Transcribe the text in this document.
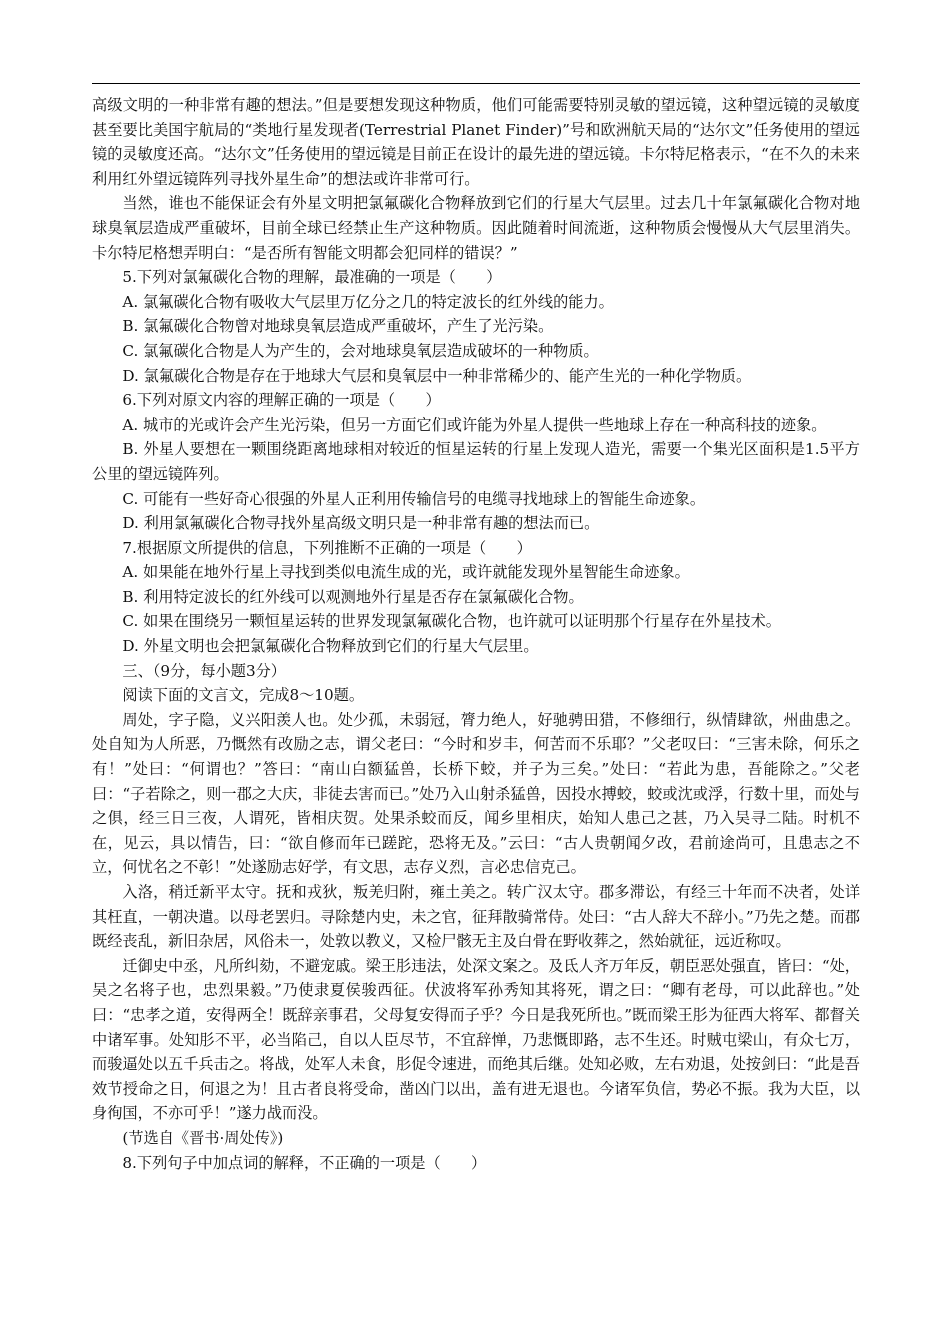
高级文明的一种非常有趣的想法。”但是要想发现这种物质，他们可能需要特别灵敏的望远镜，这种望远镜的灵敏度甚至要比美国宇航局的“类地行星发现者(Terrestrial Planet Finder)”号和欧洲航天局的“达尔文”任务使用的望远镜的灵敏度还高。“达尔文”任务使用的望远镜是目前正在设计的最先进的望远镜。卡尔特尼格表示，“在不久的未来利用红外望远镜阵列寻找外星生命”的想法或许非常可行。

当然，谁也不能保证会有外星文明把氯氟碳化合物释放到它们的行星大气层里。过去几十年氯氟碳化合物对地球臭氧层造成严重破坏，目前全球已经禁止生产这种物质。因此随着时间流逝，这种物质会慢慢从大气层里消失。卡尔特尼格想弄明白：“是否所有智能文明都会犯同样的错误？”

5.下列对氯氟碳化合物的理解，最准确的一项是（　　）

A. 氯氟碳化合物有吸收大气层里万亿分之几的特定波长的红外线的能力。

B. 氯氟碳化合物曾对地球臭氧层造成严重破坏，产生了光污染。

C. 氯氟碳化合物是人为产生的，会对地球臭氧层造成破坏的一种物质。

D. 氯氟碳化合物是存在于地球大气层和臭氧层中一种非常稀少的、能产生光的一种化学物质。

6.下列对原文内容的理解正确的一项是（　　）

A. 城市的光或许会产生光污染，但另一方面它们或许能为外星人提供一些地球上存在一种高科技的迹象。

B. 外星人要想在一颗围绕距离地球相对较近的恒星运转的行星上发现人造光，需要一个集光区面积是1.5平方公里的望远镜阵列。

C. 可能有一些好奇心很强的外星人正利用传输信号的电缆寻找地球上的智能生命迹象。

D. 利用氯氟碳化合物寻找外星高级文明只是一种非常有趣的想法而已。

7.根据原文所提供的信息，下列推断不正确的一项是（　　）

A. 如果能在地外行星上寻找到类似电流生成的光，或许就能发现外星智能生命迹象。

B. 利用特定波长的红外线可以观测地外行星是否存在氯氟碳化合物。

C. 如果在围绕另一颗恒星运转的世界发现氯氟碳化合物，也许就可以证明那个行星存在外星技术。

D. 外星文明也会把氯氟碳化合物释放到它们的行星大气层里。

三、（9分，每小题3分）

阅读下面的文言文，完成8～10题。

周处，字子隐，义兴阳羡人也。处少孤，未弱冠，膂力绝人，好驰骋田猎，不修细行，纵情肆欲，州曲患之。处自知为人所恶，乃慨然有改励之志，谓父老曰：“今时和岁丰，何苦而不乐耶？”父老叹曰：“三害未除，何乐之有！”处曰：“何谓也？”答曰：“南山白额猛兽，长桥下蛟，并子为三矣。”处曰：“若此为患，吾能除之。”父老曰：“子若除之，则一郡之大庆，非徒去害而已。”处乃入山射杀猛兽，因投水搏蛟，蛟或沈或浮，行数十里，而处与之俱，经三日三夜，人谓死，皆相庆贺。处果杀蛟而反，闻乡里相庆，始知人患己之甚，乃入吴寻二陆。时机不在，见云，具以情告，曰：“欲自修而年已蹉跎，恐将无及。”云曰：“古人贵朝闻夕改，君前途尚可，且患志之不立，何忧名之不彰！”处遂励志好学，有文思，志存义烈，言必忠信克己。

入洛，稍迁新平太守。抚和戎狄，叛羌归附，雍土美之。转广汉太守。郡多滞讼，有经三十年而不决者，处详其枉直，一朝决遣。以母老罢归。寻除楚内史，未之官，征拜散骑常侍。处曰：“古人辞大不辞小。”乃先之楚。而郡既经丧乱，新旧杂居，风俗未一，处敦以教义，又检尸骸无主及白骨在野收葬之，然始就征，远近称叹。

迁御史中丞，凡所纠劾，不避宠戚。梁王肜违法，处深文案之。及氐人齐万年反，朝臣恶处强直，皆曰：“处，吴之名将子也，忠烈果毅。”乃使隶夏侯骏西征。伏波将军孙秀知其将死，谓之曰：“卿有老母，可以此辞也。”处曰：“忠孝之道，安得两全！既辞亲事君，父母复安得而子乎？今日是我死所也。”既而梁王肜为征西大将军、都督关中诸军事。处知肜不平，必当陷己，自以人臣尽节，不宜辞惮，乃悲慨即路，志不生还。时贼屯梁山，有众七万，而骏逼处以五千兵击之。将战，处军人未食，肜促令速进，而绝其后继。处知必败，左右劝退，处按剑曰：“此是吾效节授命之日，何退之为！且古者良将受命，凿凶门以出，盖有进无退也。今诸军负信，势必不振。我为大臣，以身徇国，不亦可乎！”遂力战而没。

(节选自《晋书·周处传》)

8.下列句子中加点词的解释，不正确的一项是（　　）
